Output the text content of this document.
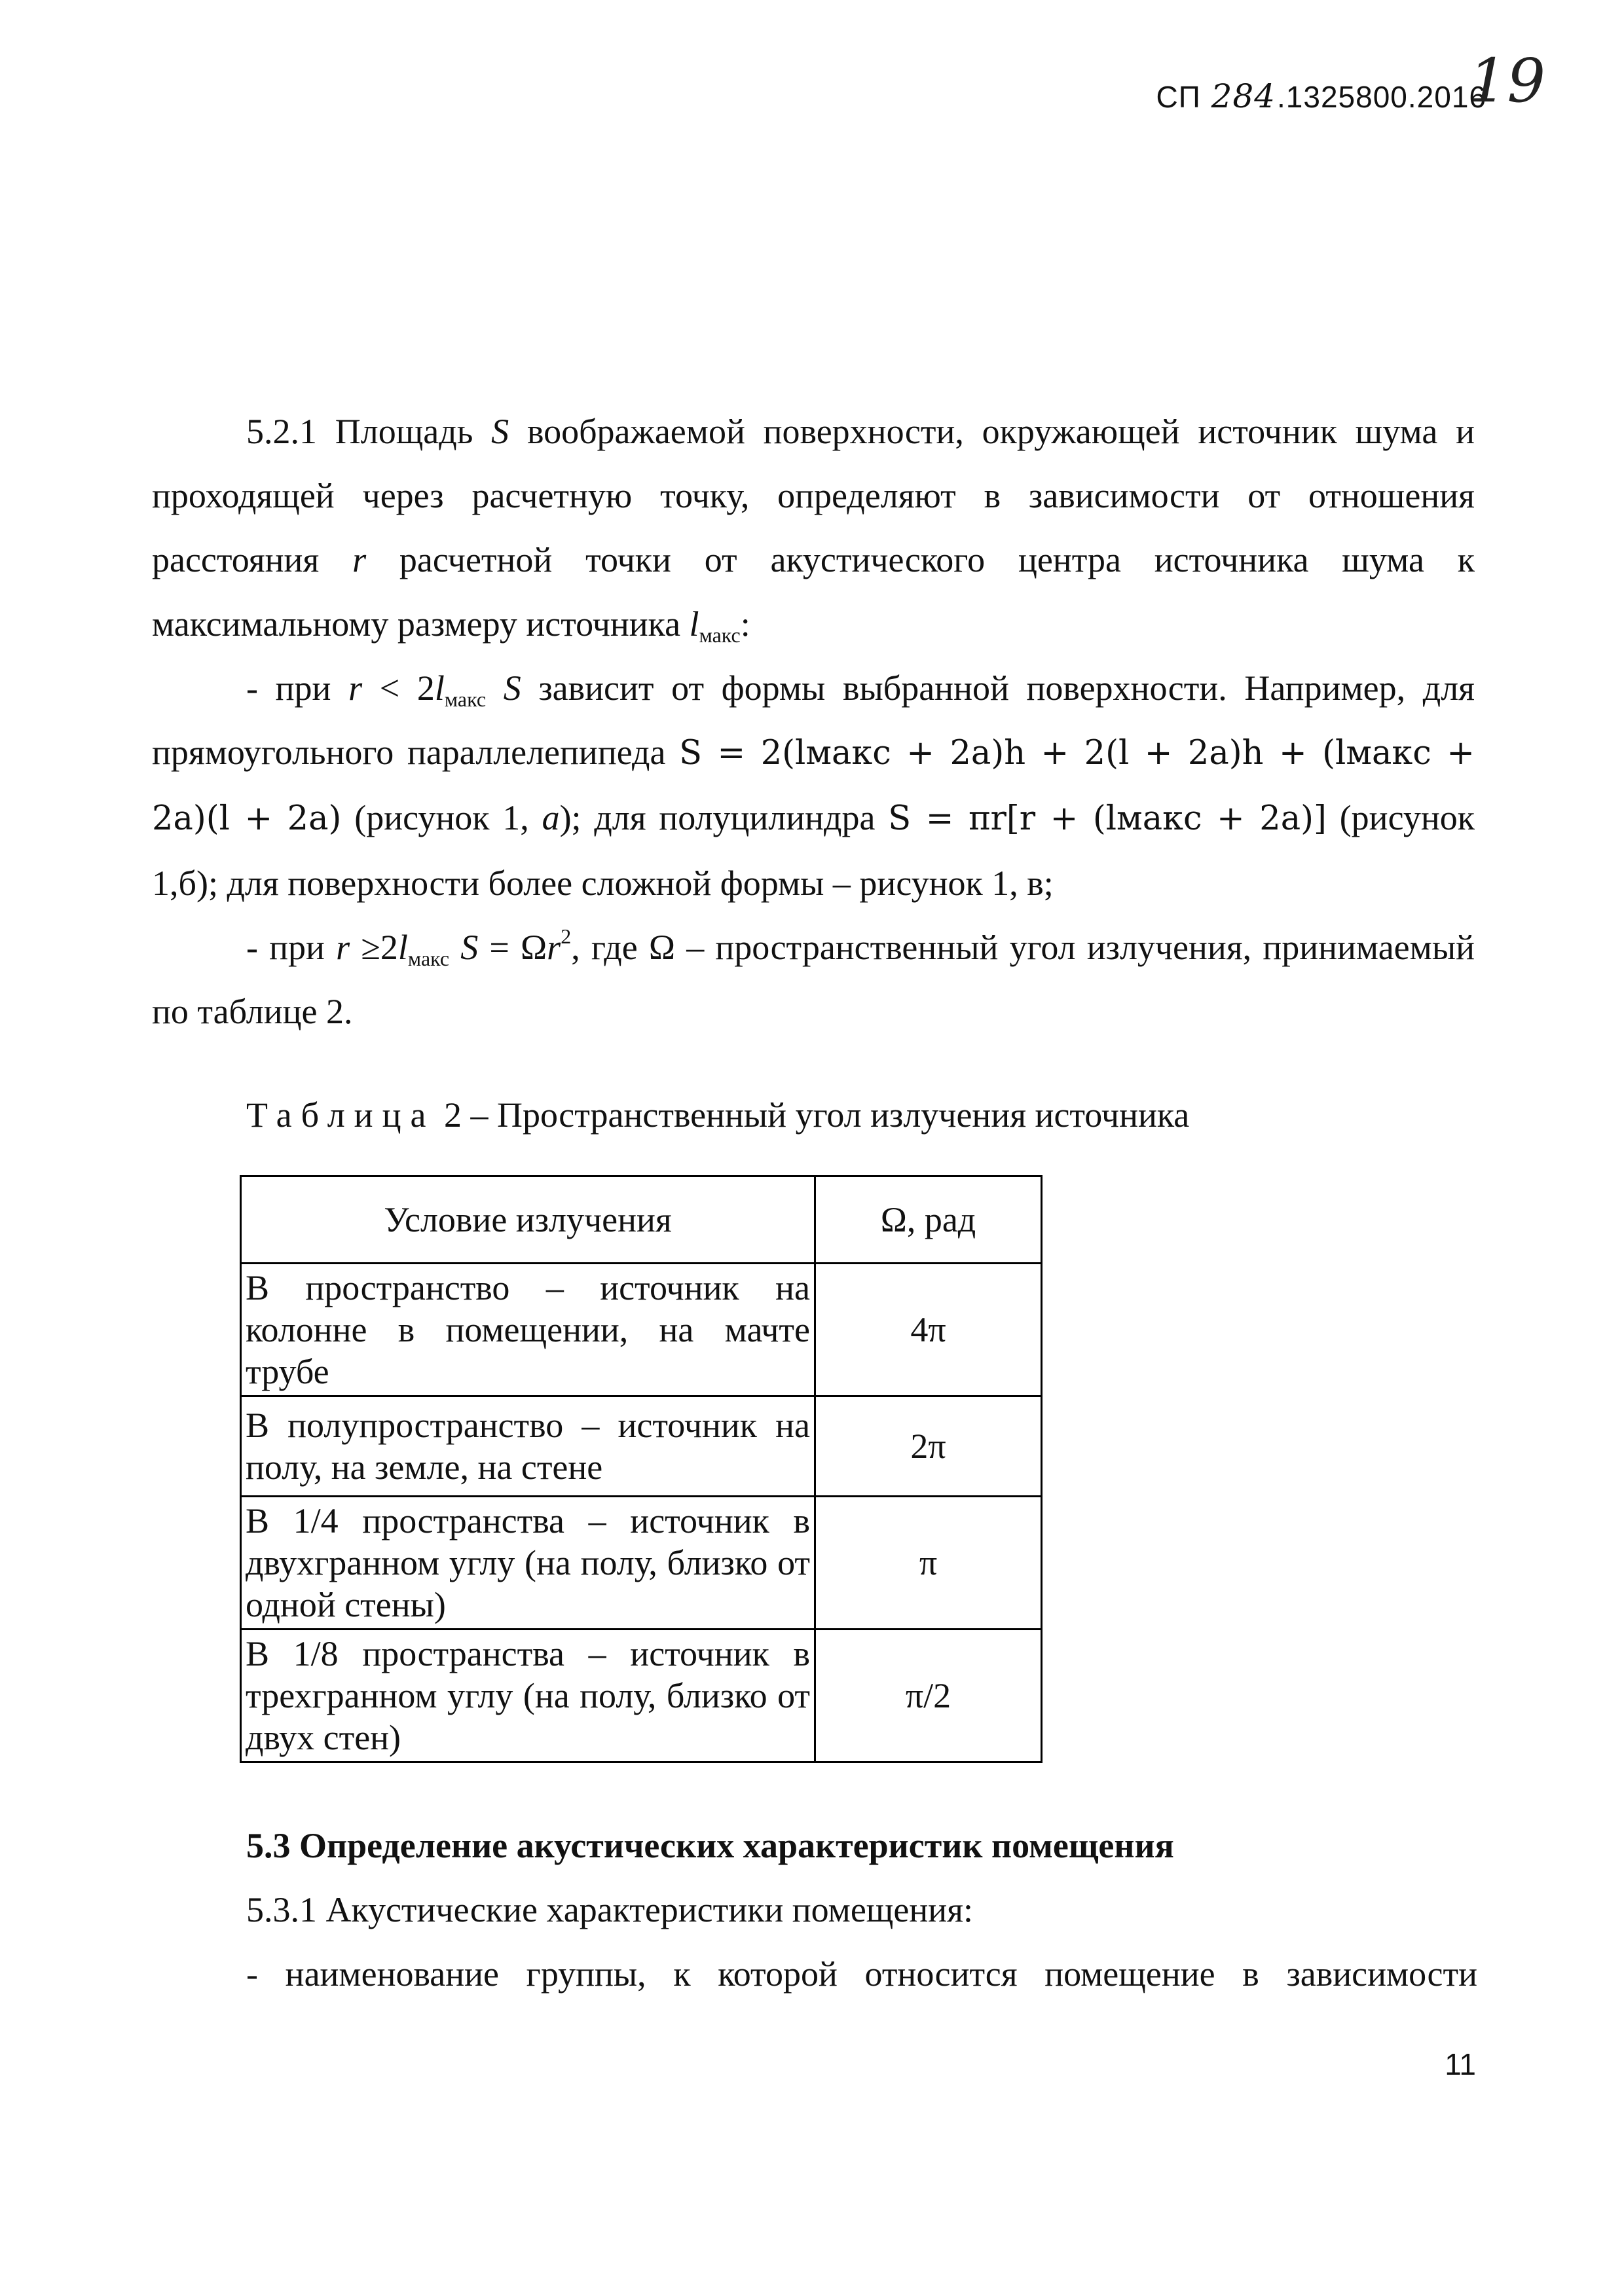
СП
284 .1325800.2016
19

5.2.1 Площадь S воображаемой поверхности, окружающей источник шума и проходящей через расчетную точку, определяют в зависимости от отношения расстояния r расчетной точки от акустического центра источника шума к максимальному размеру источника $l_{макс}$:

- при $r < 2l_{макс}$ S зависит от формы выбранной поверхности. Например, для прямоугольного параллелепипеда S = 2(lмакс + 2a)h + 2(l + 2a)h + (lмакс + 2a)(l + 2a) (рисунок 1, а); для полуцилиндра S = πr[r + (lмакс + 2a)] (рисунок 1,б); для поверхности более сложной формы – рисунок 1, в;

- при $r \ge 2l_{макс}$ $S = \Omega r^2$, где Ω – пространственный угол излучения, принимаемый по таблице 2.

Таблица 2 – Пространственный угол излучения источника
Условие излучения	Ω, рад
В пространство – источник на колонне в помещении, на мачте трубе	4π
В полупространство – источник на полу, на земле, на стене	2π
В 1/4 пространства – источник в двухгранном углу (на полу, близко от одной стены)	π
В 1/8 пространства – источник в трехгранном углу (на полу, близко от двух стен)	π/2
5.3 Определение акустических характеристик помещения

5.3.1 Акустические характеристики помещения:

- наименование группы, к которой относится помещение в зависимости

11
